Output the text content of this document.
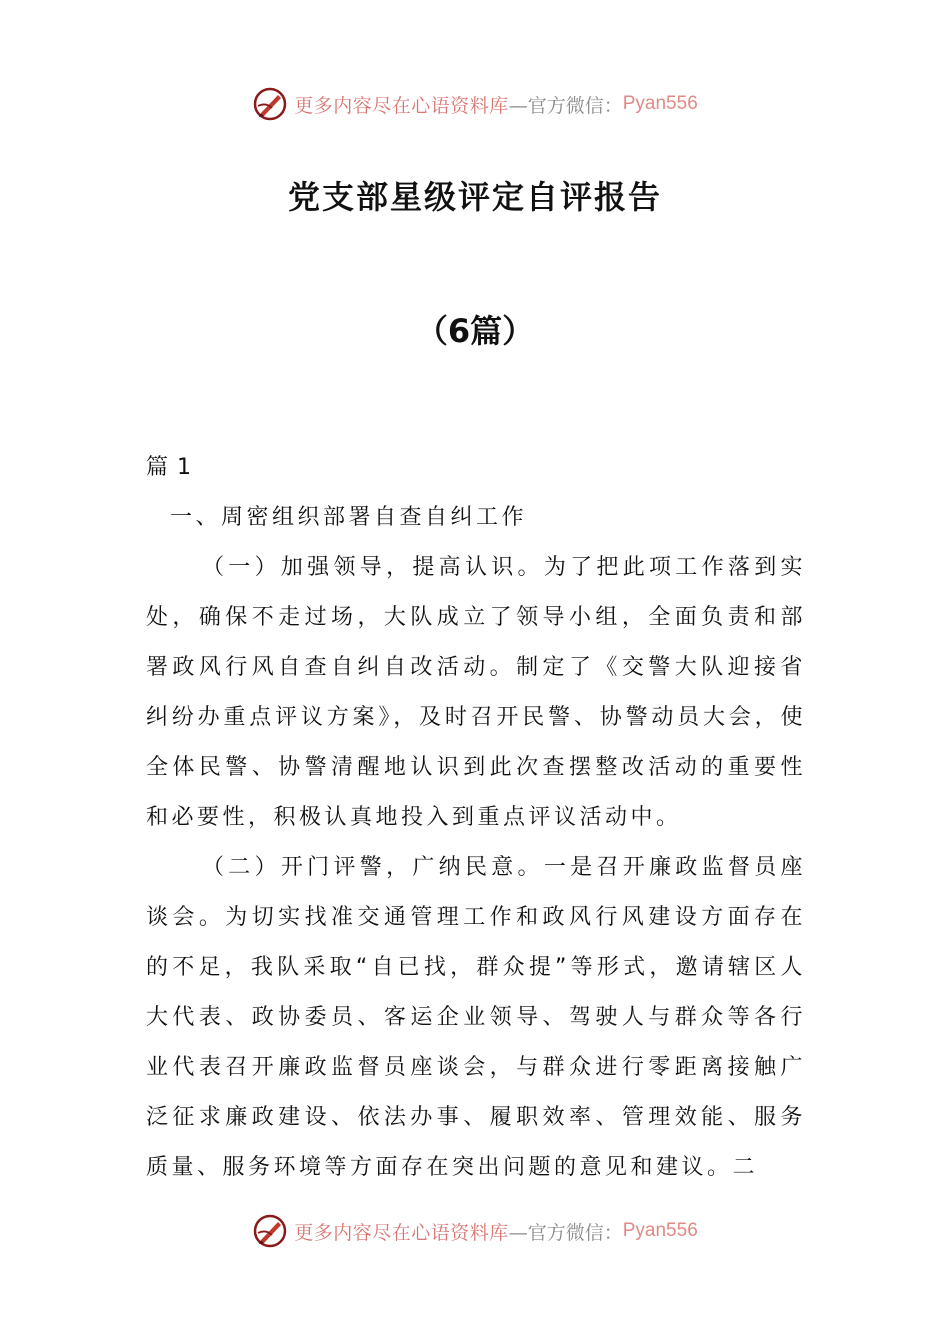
更多内容尽在心语资料库 —官方微信： Pyan556
党支部星级评定自评报告
（6篇）

篇 1

一、周密组织部署自查自纠工作

（一）加强领导，提高认识。为了把此项工作落到实处，确保不走过场，大队成立了领导小组，全面负责和部署政风行风自查自纠自改活动。制定了《交警大队迎接省纠纷办重点评议方案》，及时召开民警、协警动员大会，使全体民警、协警清醒地认识到此次查摆整改活动的重要性和必要性，积极认真地投入到重点评议活动中。

（二）开门评警，广纳民意。一是召开廉政监督员座谈会。为切实找准交通管理工作和政风行风建设方面存在的不足，我队采取“自已找，群众提”等形式，邀请辖区人大代表、政协委员、客运企业领导、驾驶人与群众等各行业代表召开廉政监督员座谈会，与群众进行零距离接触广泛征求廉政建设、依法办事、履职效率、管理效能、服务质量、服务环境等方面存在突出问题的意见和建议。二

更多内容尽在心语资料库 —官方微信： Pyan556
